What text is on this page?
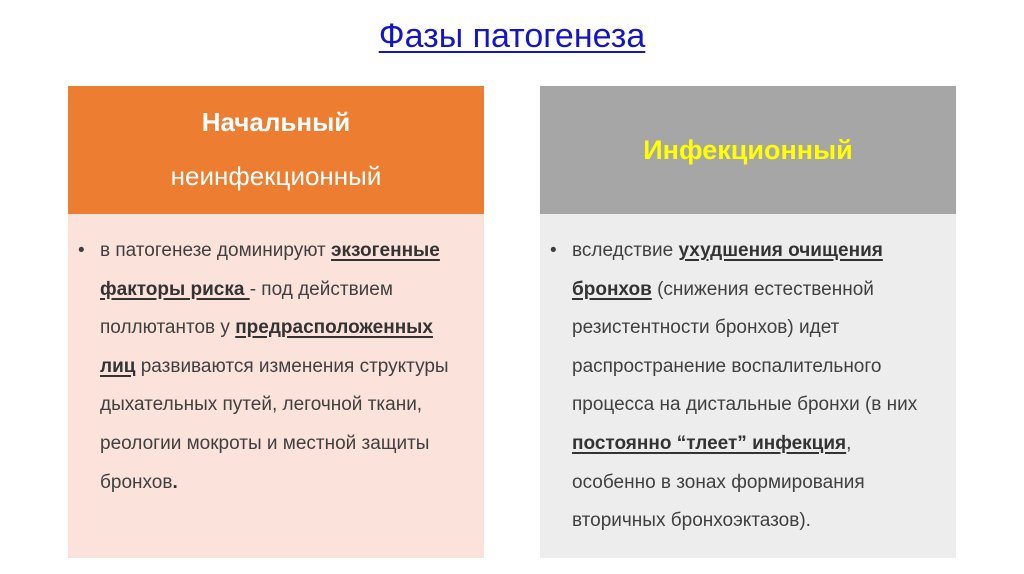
Фазы патогенеза
Начальный
неинфекционный
• в патогенезе доминируют экзогенные факторы риска - под действием поллютантов у предрасположенных лиц развиваются изменения структуры дыхательных путей, легочной ткани, реологии мокроты и местной защиты бронхов.
Инфекционный
• вследствие ухудшения очищения бронхов (снижения естественной резистентности бронхов) идет распространение воспалительного процесса на дистальные бронхи (в них постоянно “тлеет” инфекция, особенно в зонах формирования вторичных бронхоэктазов).
